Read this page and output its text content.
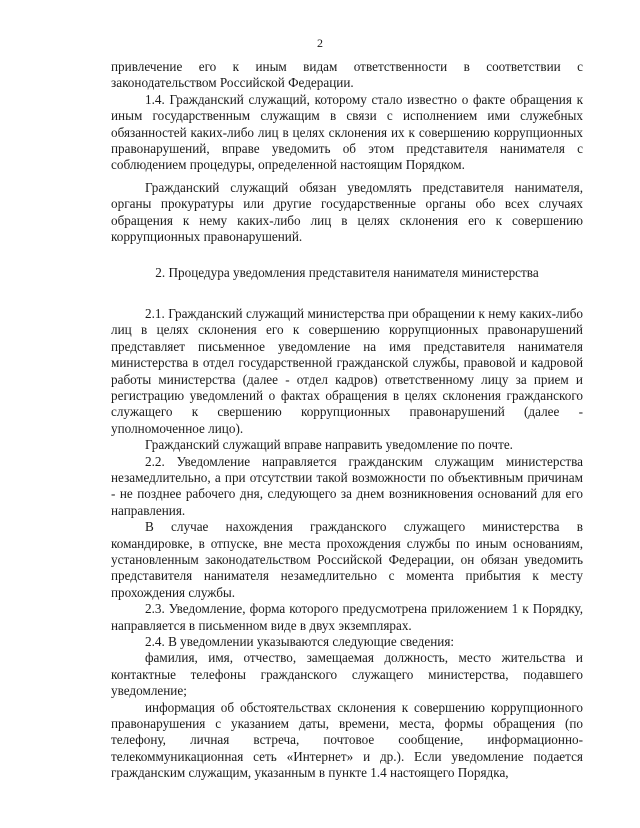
2

привлечение его к иным видам ответственности в соответствии с законодательством Российской Федерации.

1.4. Гражданский служащий, которому стало известно о факте обращения к иным государственным служащим в связи с исполнением ими служебных обязанностей каких-либо лиц в целях склонения их к совершению коррупционных правонарушений, вправе уведомить об этом представителя нанимателя с соблюдением процедуры, определенной настоящим Порядком.

Гражданский служащий обязан уведомлять представителя нанимателя, органы прокуратуры или другие государственные органы обо всех случаях обращения к нему каких-либо лиц в целях склонения его к совершению коррупционных правонарушений.

2. Процедура уведомления представителя нанимателя министерства

2.1. Гражданский служащий министерства при обращении к нему каких-либо лиц в целях склонения его к совершению коррупционных правонарушений представляет письменное уведомление на имя представителя нанимателя министерства в отдел государственной гражданской службы, правовой и кадровой работы министерства (далее - отдел кадров) ответственному лицу за прием и регистрацию уведомлений о фактах обращения в целях склонения гражданского служащего к свершению коррупционных правонарушений (далее - уполномоченное лицо).

Гражданский служащий вправе направить уведомление по почте.

2.2. Уведомление направляется гражданским служащим министерства незамедлительно, а при отсутствии такой возможности по объективным причинам - не позднее рабочего дня, следующего за днем возникновения оснований для его направления.

В случае нахождения гражданского служащего министерства в командировке, в отпуске, вне места прохождения службы по иным основаниям, установленным законодательством Российской Федерации, он обязан уведомить представителя нанимателя незамедлительно с момента прибытия к месту прохождения службы.

2.3. Уведомление, форма которого предусмотрена приложением 1 к Порядку, направляется в письменном виде в двух экземплярах.

2.4. В уведомлении указываются следующие сведения:

фамилия, имя, отчество, замещаемая должность, место жительства и контактные телефоны гражданского служащего министерства, подавшего уведомление;

информация об обстоятельствах склонения к совершению коррупционного правонарушения с указанием даты, времени, места, формы обращения (по телефону, личная встреча, почтовое сообщение, информационно-телекоммуникационная сеть «Интернет» и др.). Если уведомление подается гражданским служащим, указанным в пункте 1.4 настоящего Порядка,
